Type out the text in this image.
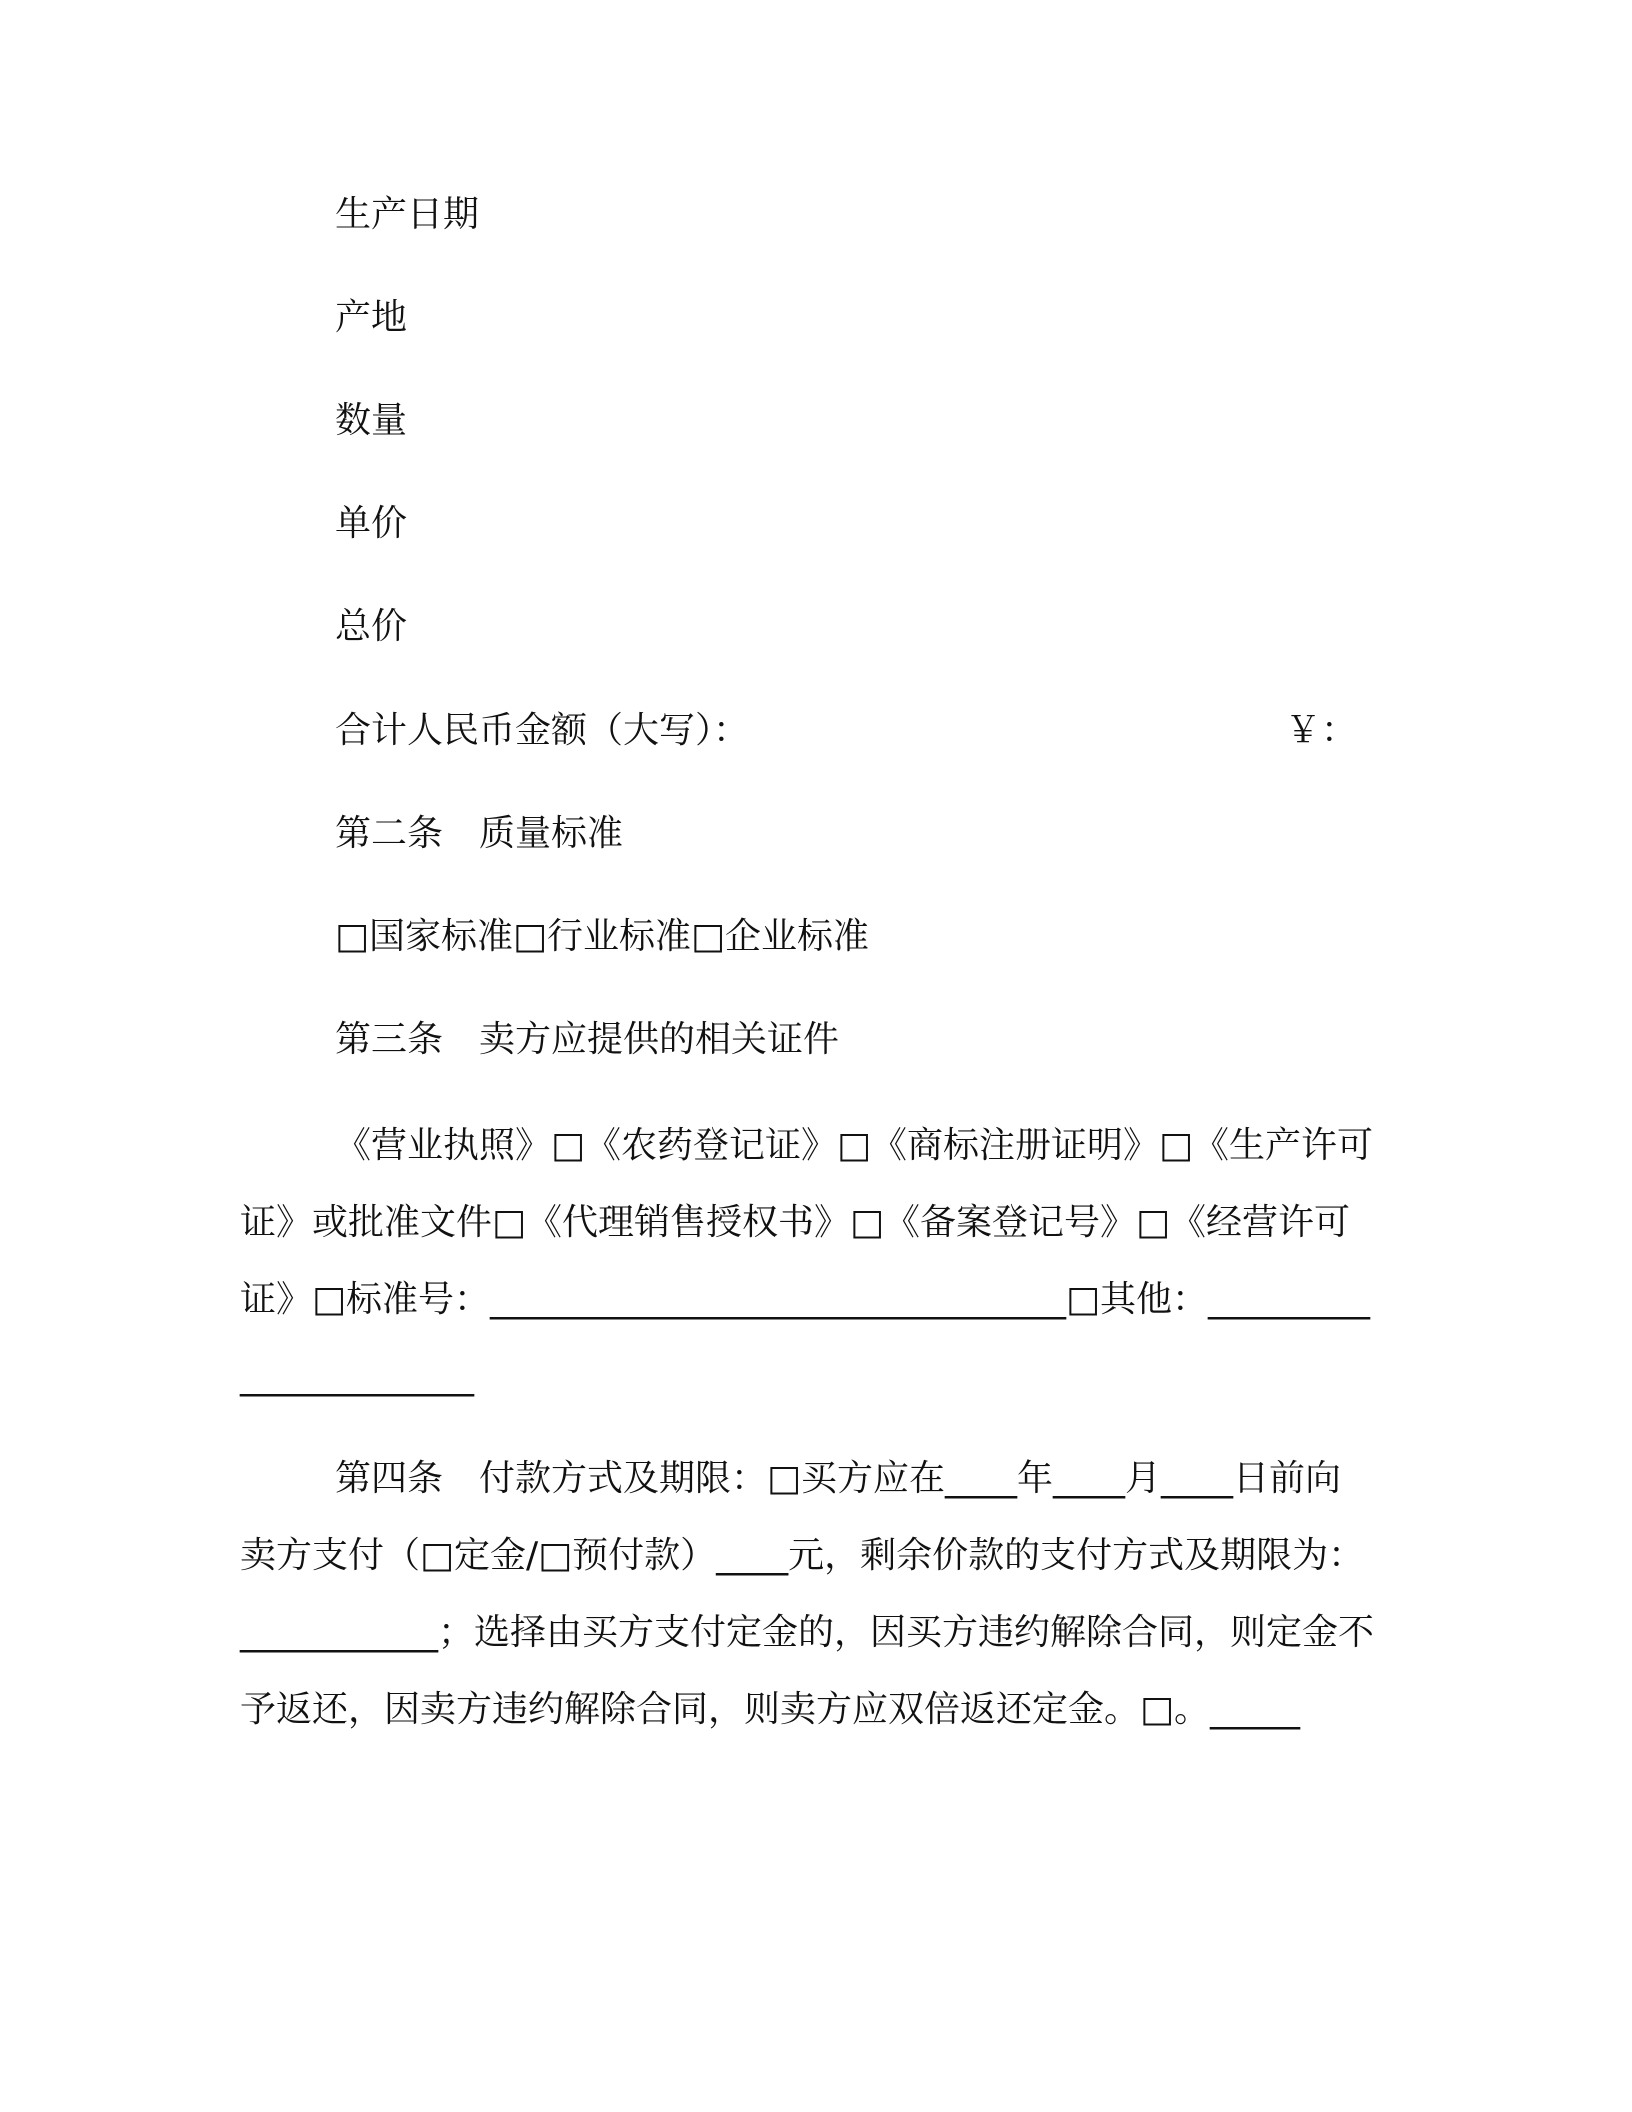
生产日期

产地

数量

单价

总价

合计人民币金额（大写）：	￥：

第二条　质量标准

□国家标准□行业标准□企业标准

第三条　卖方应提供的相关证件

《营业执照》□《农药登记证》□《商标注册证明》□《生产许可证》或批准文件□《代理销售授权书》□《备案登记号》□《经营许可证》□标准号：________________________________□其他：______________________

第四条　付款方式及期限：□买方应在____年____月____日前向卖方支付（□定金/□预付款）____元，剩余价款的支付方式及期限为：___________；选择由买方支付定金的，因买方违约解除合同，则定金不予返还，因卖方违约解除合同，则卖方应双倍返还定金。□。_____
